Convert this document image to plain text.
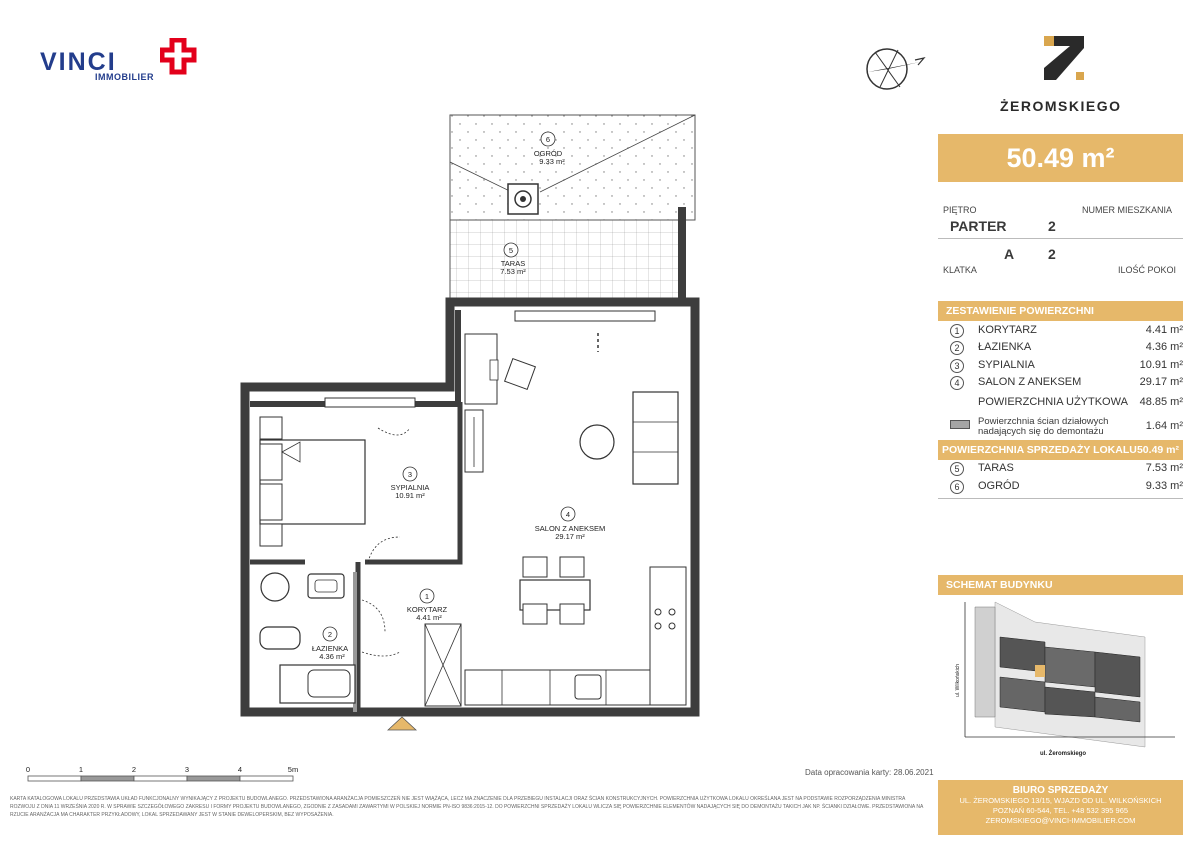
VINCI
IMMOBILIER
ŻEROMSKIEGO
50.49 m²
PIĘTRO	NUMER MIESZKANIA
PARTER	2
A 2
KLATKA	ILOŚĆ POKOI
ZESTAWIENIE POWIERZCHNI
1	KORYTARZ	4.41 m²
2	ŁAZIENKA	4.36 m²
3	SYPIALNIA	10.91 m²
4	SALON Z ANEKSEM	29.17 m²
POWIERZCHNIA UŻYTKOWA 48.85 m²
Powierzchnia ścian działowych
nadających się do demontażu	1.64 m²
POWIERZCHNIA SPRZEDAŻY LOKALU 50.49 m²
5	TARAS	7.53 m²
6	OGRÓD	9.33 m²
SCHEMAT BUDYNKU
ul. Żeromskiego
ul. Wilkońskich
6
OGRÓD
9.33 m²
5
TARAS
7.53 m²
3
SYPIALNIA
10.91 m²
4
SALON Z ANEKSEM
29.17 m²
1
KORYTARZ
4.41 m²
2
ŁAZIENKA
4.36 m²
0	1	2	3	4	5m	Data opracowania karty: 28.06.2021
KARTA KATALOGOWA LOKALU PRZEDSTAWIA UKŁAD FUNKCJONALNY WYNIKAJĄCY Z PROJEKTU BUDOWLANEGO. PRZEDSTAWIONA ARANŻACJA POMIESZCZEŃ NIE JEST WIĄŻĄCA, LECZ MA ZNACZENIE DLA PRZEBIEGU INSTALACJI ORAZ ŚCIAN KONSTRUKCYJNYCH. POWIERZCHNIA UŻYTKOWA LOKALU OKREŚLANA JEST NA PODSTAWIE ROZPORZĄDZENIA MINISTRA ROZWOJU Z DNIA 11 WRZEŚNIA 2020 R. W SPRAWIE SZCZEGÓŁOWEGO ZAKRESU I FORMY PROJEKTU BUDOWLANEGO, ZGODNIE Z ZASADAMI ZAWARTYMI W POLSKIEJ NORMIE PN-ISO 9836:2015-12. DO POWIERZCHNI SPRZEDAŻY LOKALU WLICZA SIĘ POWIERZCHNIE ELEMENTÓW NADAJĄCYCH SIĘ DO DEMONTAŻU TAKICH JAK NP. ŚCIANKI DZIAŁOWE. PRZEDSTAWIONA NA RZUCIE ARANŻACJA MA CHARAKTER PRZYKŁADOWY, LOKAL SPRZEDAWANY JEST W STANIE DEWELOPERSKIM, BEZ WYPOSAŻENIA.
BIURO SPRZEDAŻY
UL. ŻEROMSKIEGO 13/15, WJAZD OD UL. WILKOŃSKICH
POZNAŃ 60-544, TEL. +48 532 395 965
ZEROMSKIEGO@VINCI-IMMOBILIER.COM
